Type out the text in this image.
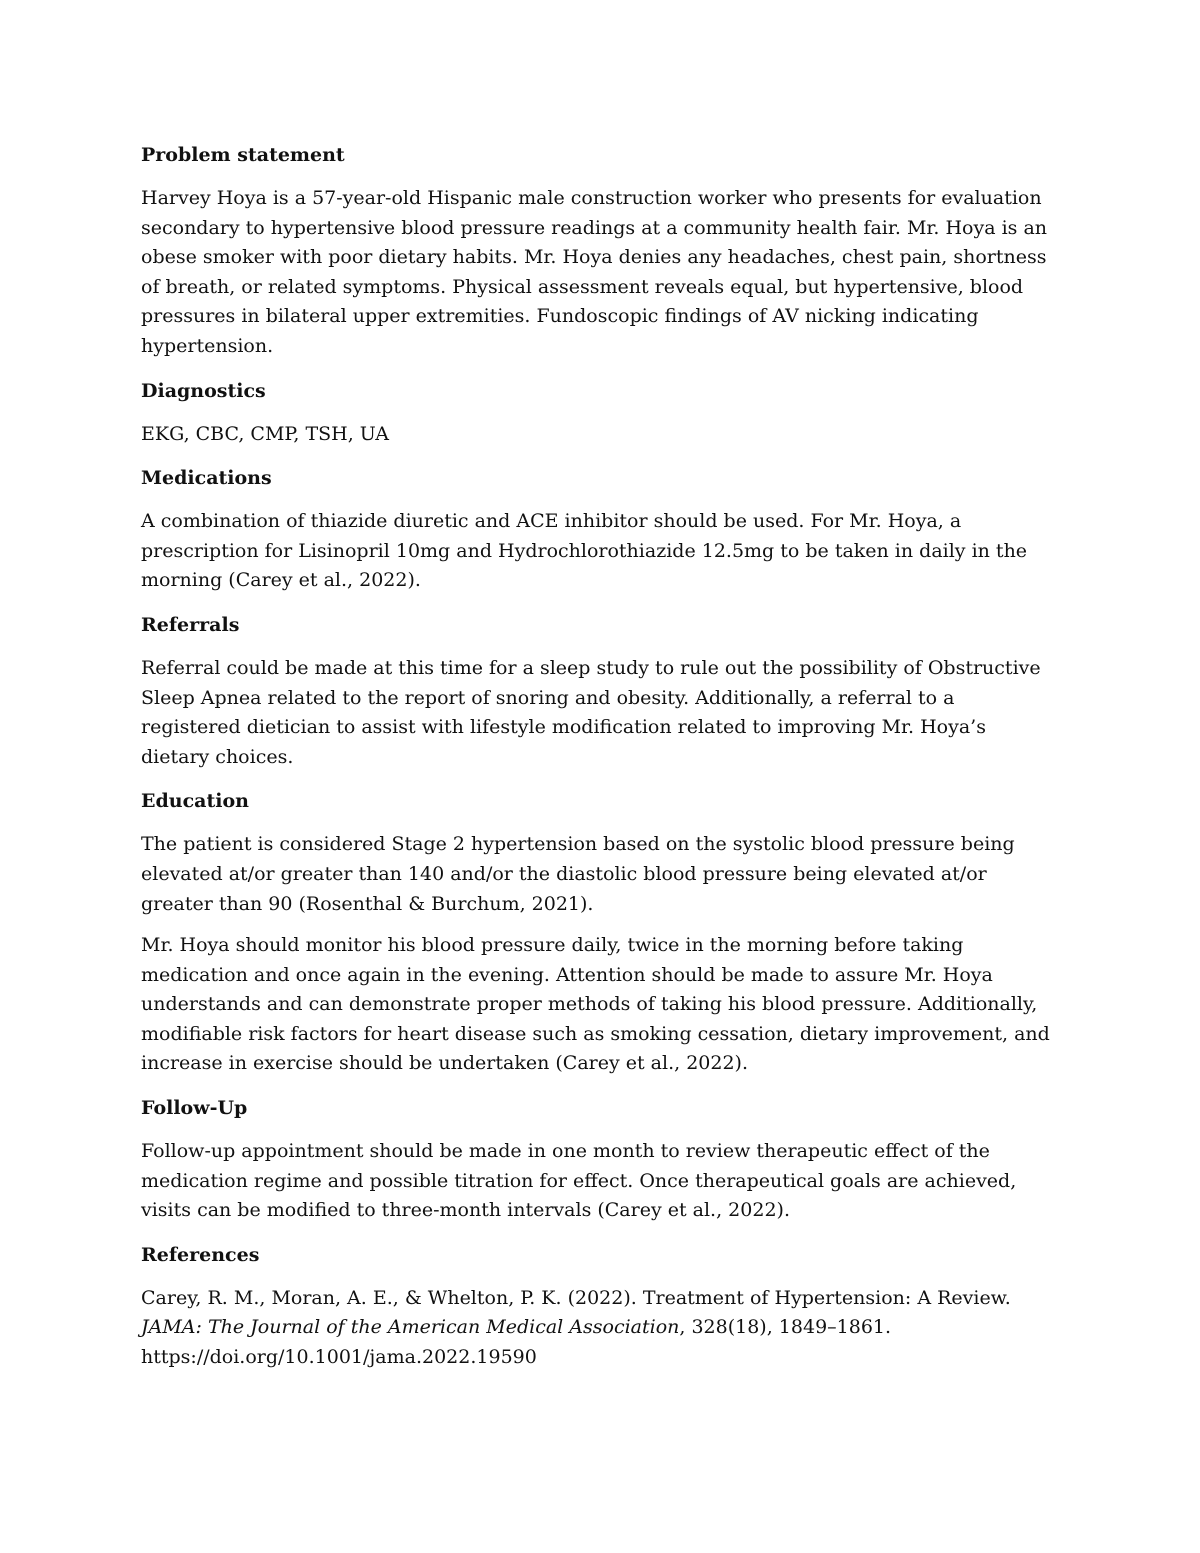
Problem statement

Harvey Hoya is a 57-year-old Hispanic male construction worker who presents for evaluation secondary to hypertensive blood pressure readings at a community health fair. Mr. Hoya is an obese smoker with poor dietary habits. Mr. Hoya denies any headaches, chest pain, shortness of breath, or related symptoms. Physical assessment reveals equal, but hypertensive, blood pressures in bilateral upper extremities. Fundoscopic findings of AV nicking indicating hypertension.

Diagnostics

EKG, CBC, CMP, TSH, UA

Medications

A combination of thiazide diuretic and ACE inhibitor should be used. For Mr. Hoya, a prescription for Lisinopril 10mg and Hydrochlorothiazide 12.5mg to be taken in daily in the morning (Carey et al., 2022).

Referrals

Referral could be made at this time for a sleep study to rule out the possibility of Obstructive Sleep Apnea related to the report of snoring and obesity. Additionally, a referral to a registered dietician to assist with lifestyle modification related to improving Mr. Hoya’s dietary choices.

Education

The patient is considered Stage 2 hypertension based on the systolic blood pressure being elevated at/or greater than 140 and/or the diastolic blood pressure being elevated at/or greater than 90 (Rosenthal & Burchum, 2021).

Mr. Hoya should monitor his blood pressure daily, twice in the morning before taking medication and once again in the evening. Attention should be made to assure Mr. Hoya understands and can demonstrate proper methods of taking his blood pressure. Additionally, modifiable risk factors for heart disease such as smoking cessation, dietary improvement, and increase in exercise should be undertaken (Carey et al., 2022).

Follow-Up

Follow-up appointment should be made in one month to review therapeutic effect of the medication regime and possible titration for effect. Once therapeutical goals are achieved, visits can be modified to three-month intervals (Carey et al., 2022).

References

Carey, R. M., Moran, A. E., & Whelton, P. K. (2022). Treatment of Hypertension: A Review. JAMA: The Journal of the American Medical Association, 328(18), 1849–1861. https://doi.org/10.1001/jama.2022.19590
